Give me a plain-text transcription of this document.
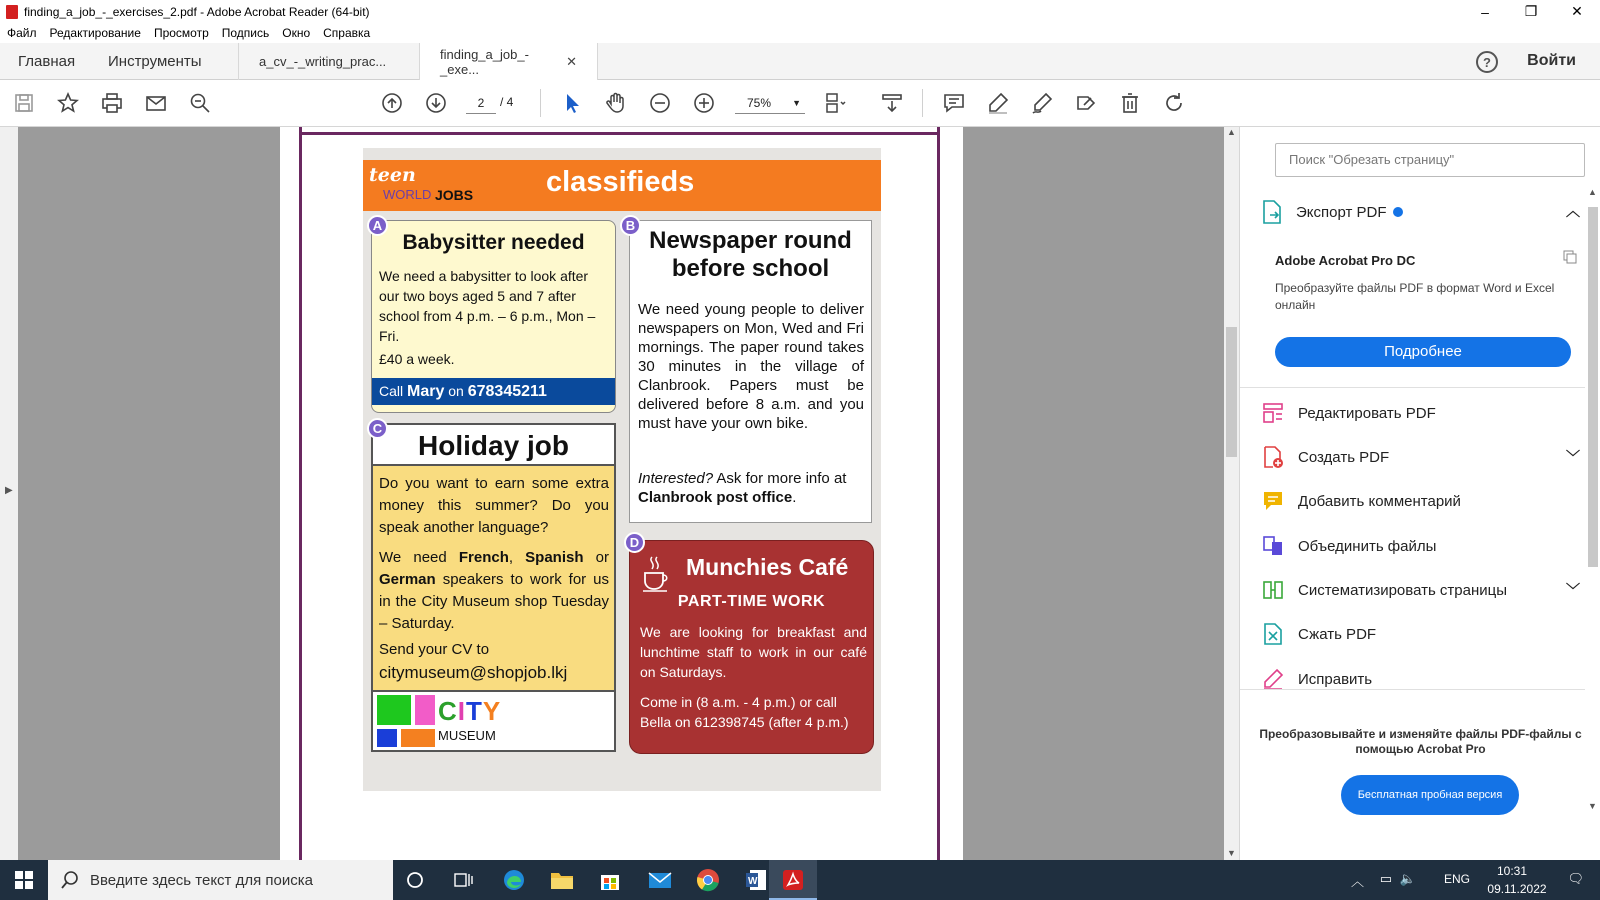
finding_a_job_-_exercises_2.pdf - Adobe Acrobat Reader (64-bit)	–	❐	✕
Файл Редактирование Просмотр Подпись Окно Справка
Главная Инструменты	a_cv_-_writing_prac...	finding_a_job_-_exe...
✕	?	Войти
2	/ 4	75% ▼
▶
▲
▼
teen
WORLD JOBS	classifieds
Babysitter needed
We need a babysitter to look after our two boys aged 5 and 7 after school from 4 p.m. – 6 p.m., Mon – Fri.
£40 a week.
Call Mary on 678345211
A
Newspaper round
before school
We need young people to deliver newspapers on Mon, Wed and Fri mornings. The paper round takes 30 minutes in the village of Clanbrook. Papers must be delivered before 8 a.m. and you must have your own bike.
Interested? Ask for more info at Clanbrook post office.
B
Holiday job
Do you want to earn some extra money this summer? Do you speak another language?
We need French, Spanish or German speakers to work for us in the City Museum shop Tuesday – Saturday.
Send your CV to
citymuseum@shopjob.lkj
CITY
MUSEUM
C
Munchies Café
PART-TIME WORK
We are looking for breakfast and lunchtime staff to work in our café on Saturdays.
Come in (8 a.m. - 4 p.m.) or call Bella on 612398745 (after 4 p.m.)
D
Поиск "Обрезать страницу"
▲
▼
Экспорт PDF	︿
Adobe Acrobat Pro DC
Преобразуйте файлы PDF в формат Word и Excel онлайн
Подробнее
Редактировать PDF
Создать PDF	﹀
Добавить комментарий
Объединить файлы
Систематизировать страницы	﹀
Сжать PDF
Исправить
Преобразовывайте и изменяйте файлы PDF-файлы с помощью Acrobat Pro
Бесплатная пробная версия
Введите здесь текст для поиска	W	︿ ▭ 🔈 ENG
10:31
09.11.2022
🗨
